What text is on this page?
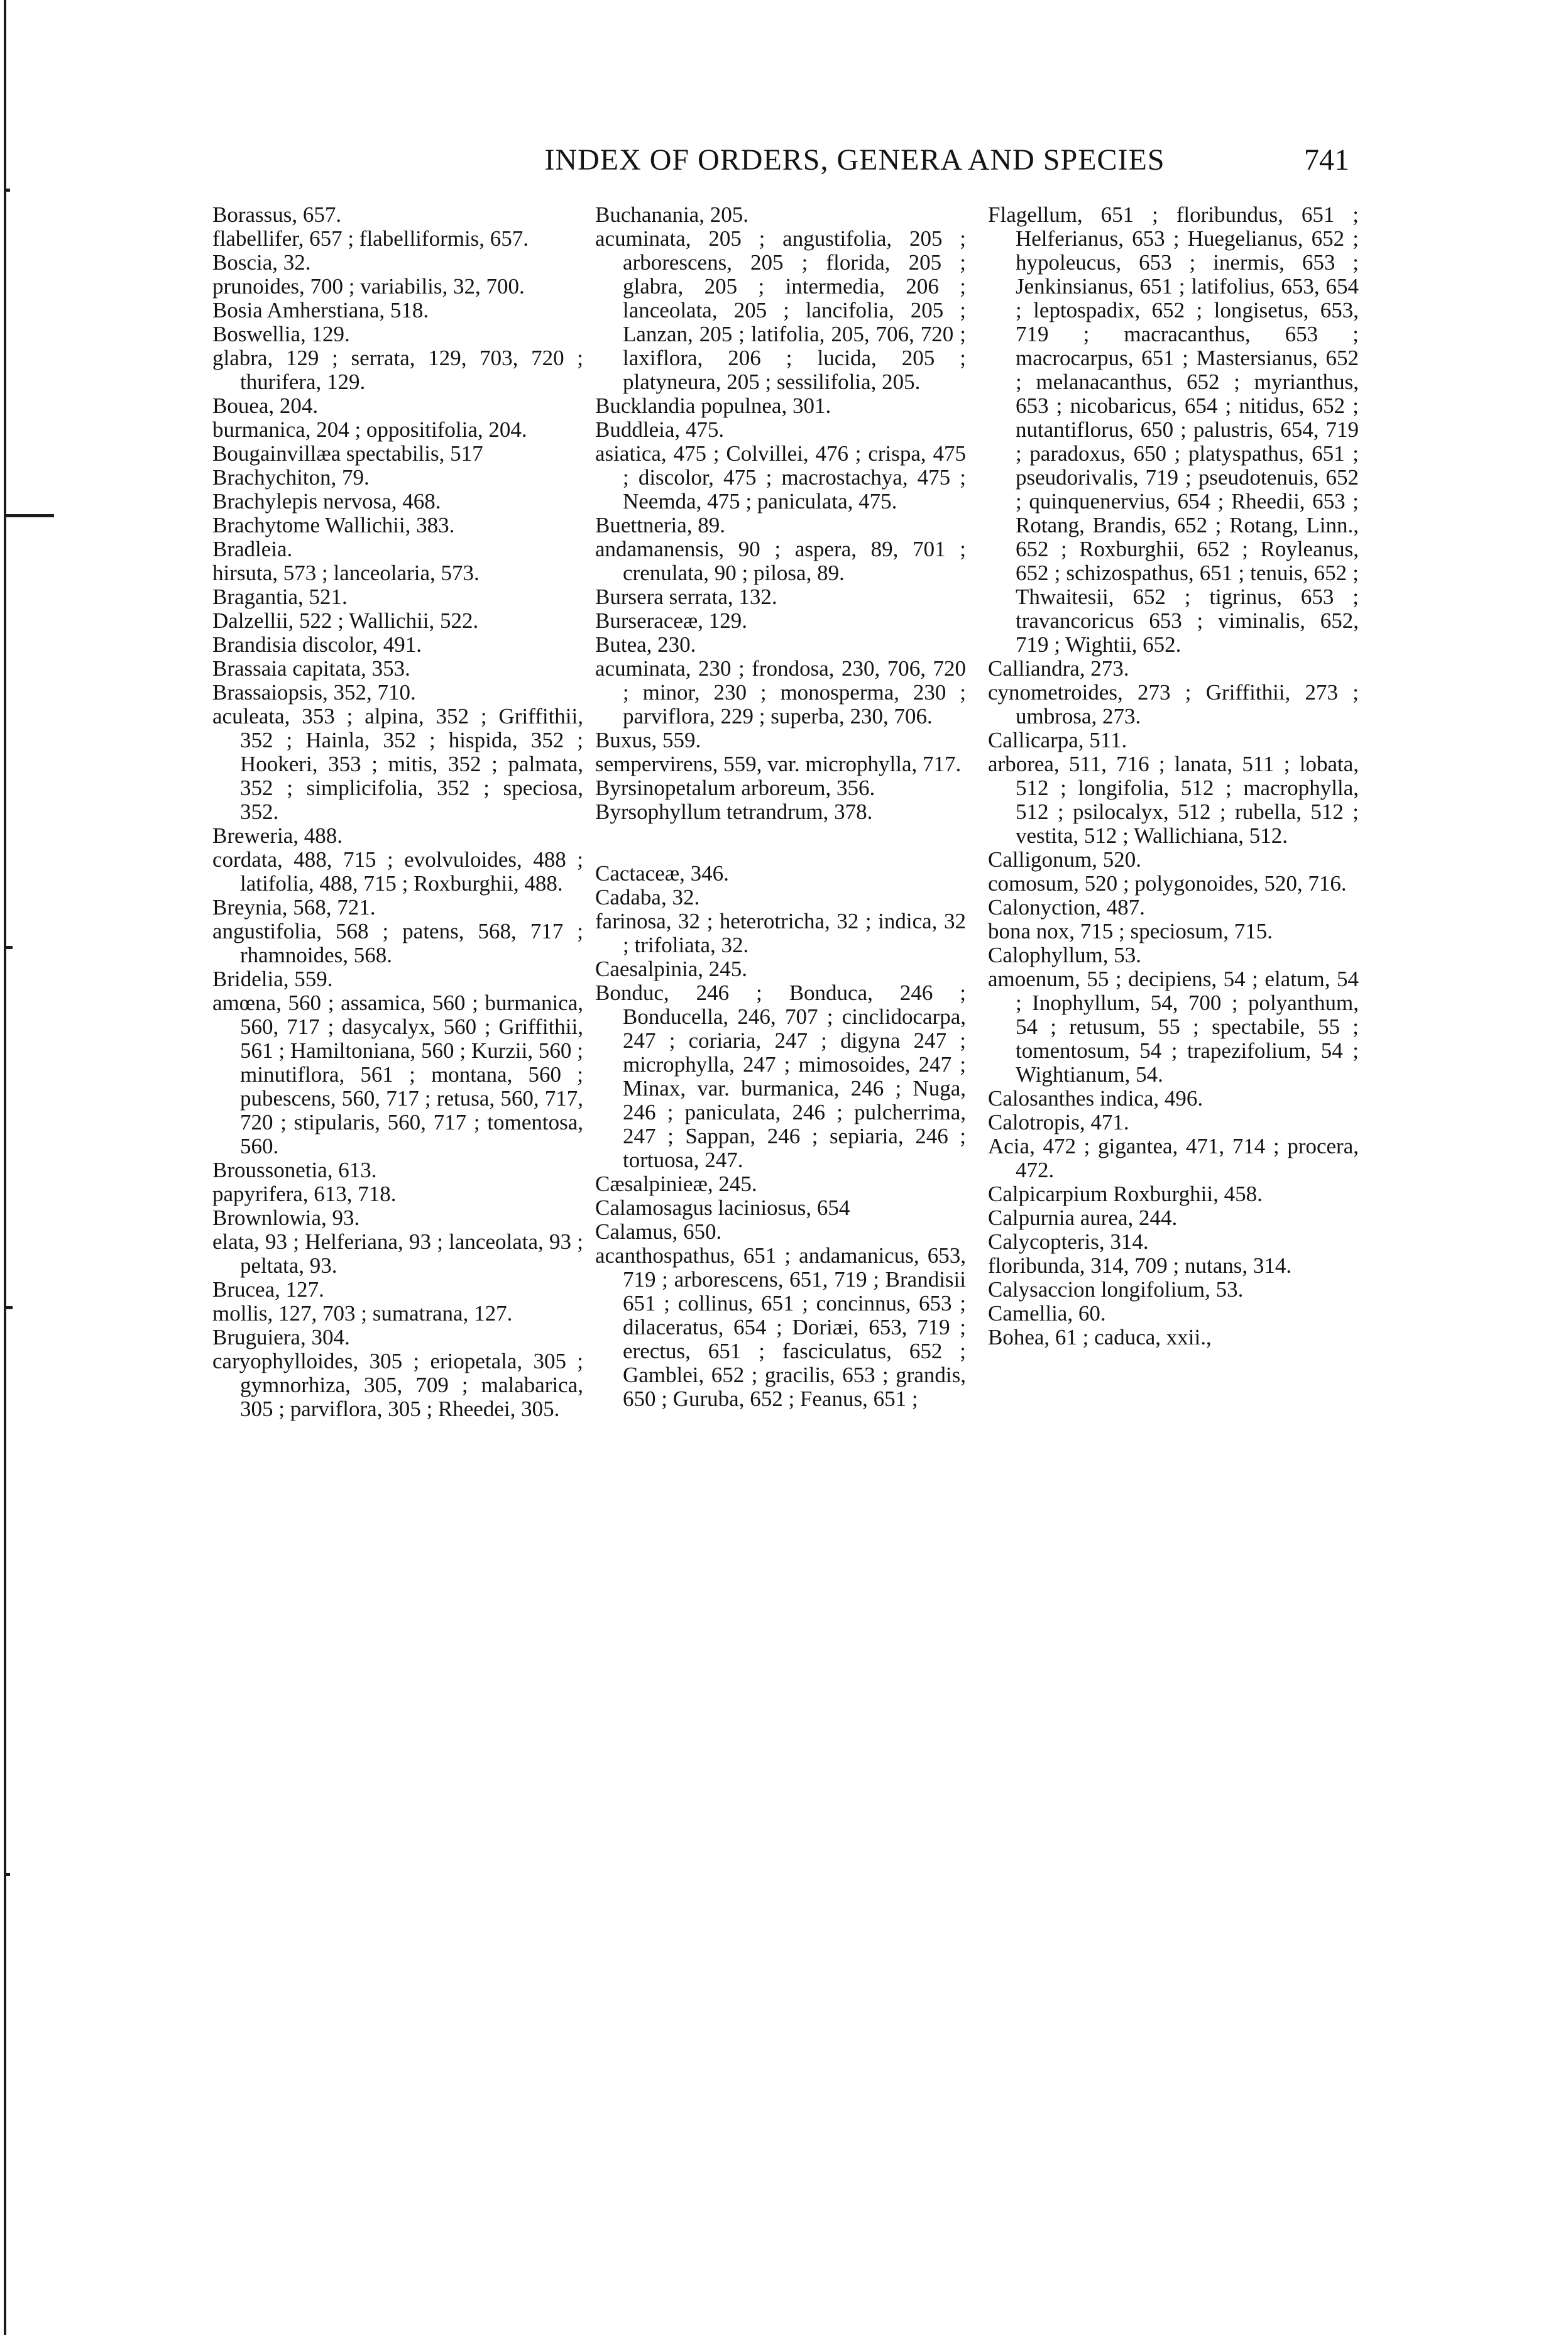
INDEX OF ORDERS, GENERA AND SPECIES	741
Borassus, 657.
flabellifer, 657 ; flabelliformis, 657.
Boscia, 32.
prunoides, 700 ; variabilis, 32, 700.
Bosia Amherstiana, 518.
Boswellia, 129.
glabra, 129 ; serrata, 129, 703, 720 ; thurifera, 129.
Bouea, 204.
burmanica, 204 ; oppositifolia, 204.
Bougainvillæa spectabilis, 517
Brachychiton, 79.
Brachylepis nervosa, 468.
Brachytome Wallichii, 383.
Bradleia.
hirsuta, 573 ; lanceolaria, 573.
Bragantia, 521.
Dalzellii, 522 ; Wallichii, 522.
Brandisia discolor, 491.
Brassaia capitata, 353.
Brassaiopsis, 352, 710.
aculeata, 353 ; alpina, 352 ; Griffithii, 352 ; Hainla, 352 ; hispida, 352 ; Hookeri, 353 ; mitis, 352 ; palmata, 352 ; simplicifolia, 352 ; speciosa, 352.
Breweria, 488.
cordata, 488, 715 ; evolvuloides, 488 ; latifolia, 488, 715 ; Roxburghii, 488.
Breynia, 568, 721.
angustifolia, 568 ; patens, 568, 717 ; rhamnoides, 568.
Bridelia, 559.
amœna, 560 ; assamica, 560 ; burmanica, 560, 717 ; dasycalyx, 560 ; Griffithii, 561 ; Hamiltoniana, 560 ; Kurzii, 560 ; minutiflora, 561 ; montana, 560 ; pubescens, 560, 717 ; retusa, 560, 717, 720 ; stipularis, 560, 717 ; tomentosa, 560.
Broussonetia, 613.
papyrifera, 613, 718.
Brownlowia, 93.
elata, 93 ; Helferiana, 93 ; lanceolata, 93 ; peltata, 93.
Brucea, 127.
mollis, 127, 703 ; sumatrana, 127.
Bruguiera, 304.
caryophylloides, 305 ; eriopetala, 305 ; gymnorhiza, 305, 709 ; malabarica, 305 ; parviflora, 305 ; Rheedei, 305.
Buchanania, 205.
acuminata, 205 ; angustifolia, 205 ; arborescens, 205 ; florida, 205 ; glabra, 205 ; intermedia, 206 ; lanceolata, 205 ; lancifolia, 205 ; Lanzan, 205 ; latifolia, 205, 706, 720 ; laxiflora, 206 ; lucida, 205 ; platyneura, 205 ; sessilifolia, 205.
Bucklandia populnea, 301.
Buddleia, 475.
asiatica, 475 ; Colvillei, 476 ; crispa, 475 ; discolor, 475 ; macrostachya, 475 ; Neemda, 475 ; paniculata, 475.
Buettneria, 89.
andamanensis, 90 ; aspera, 89, 701 ; crenulata, 90 ; pilosa, 89.
Bursera serrata, 132.
Burseraceæ, 129.
Butea, 230.
acuminata, 230 ; frondosa, 230, 706, 720 ; minor, 230 ; monosperma, 230 ; parviflora, 229 ; superba, 230, 706.
Buxus, 559.
sempervirens, 559, var. microphylla, 717.
Byrsinopetalum arboreum, 356.
Byrsophyllum tetrandrum, 378.
Cactaceæ, 346.
Cadaba, 32.
farinosa, 32 ; heterotricha, 32 ; indica, 32 ; trifoliata, 32.
Caesalpinia, 245.
Bonduc, 246 ; Bonduca, 246 ; Bonducella, 246, 707 ; cinclidocarpa, 247 ; coriaria, 247 ; digyna 247 ; microphylla, 247 ; mimosoides, 247 ; Minax, var. burmanica, 246 ; Nuga, 246 ; paniculata, 246 ; pulcherrima, 247 ; Sappan, 246 ; sepiaria, 246 ; tortuosa, 247.
Cæsalpinieæ, 245.
Calamosagus laciniosus, 654
Calamus, 650.
acanthospathus, 651 ; andamanicus, 653, 719 ; arborescens, 651, 719 ; Brandisii 651 ; collinus, 651 ; concinnus, 653 ; dilaceratus, 654 ; Doriæi, 653, 719 ; erectus, 651 ; fasciculatus, 652 ; Gamblei, 652 ; gracilis, 653 ; grandis, 650 ; Guruba, 652 ; Feanus, 651 ;
Flagellum, 651 ; floribundus, 651 ; Helferianus, 653 ; Huegelianus, 652 ; hypoleucus, 653 ; inermis, 653 ; Jenkinsianus, 651 ; latifolius, 653, 654 ; leptospadix, 652 ; longisetus, 653, 719 ; macracanthus, 653 ; macrocarpus, 651 ; Mastersianus, 652 ; melanacanthus, 652 ; myrianthus, 653 ; nicobaricus, 654 ; nitidus, 652 ; nutantiflorus, 650 ; palustris, 654, 719 ; paradoxus, 650 ; platyspathus, 651 ; pseudorivalis, 719 ; pseudotenuis, 652 ; quinquenervius, 654 ; Rheedii, 653 ; Rotang, Brandis, 652 ; Rotang, Linn., 652 ; Roxburghii, 652 ; Royleanus, 652 ; schizospathus, 651 ; tenuis, 652 ; Thwaitesii, 652 ; tigrinus, 653 ; travancoricus 653 ; viminalis, 652, 719 ; Wightii, 652.
Calliandra, 273.
cynometroides, 273 ; Griffithii, 273 ; umbrosa, 273.
Callicarpa, 511.
arborea, 511, 716 ; lanata, 511 ; lobata, 512 ; longifolia, 512 ; macrophylla, 512 ; psilocalyx, 512 ; rubella, 512 ; vestita, 512 ; Wallichiana, 512.
Calligonum, 520.
comosum, 520 ; polygonoides, 520, 716.
Calonyction, 487.
bona nox, 715 ; speciosum, 715.
Calophyllum, 53.
amoenum, 55 ; decipiens, 54 ; elatum, 54 ; Inophyllum, 54, 700 ; polyanthum, 54 ; retusum, 55 ; spectabile, 55 ; tomentosum, 54 ; trapezifolium, 54 ; Wightianum, 54.
Calosanthes indica, 496.
Calotropis, 471.
Acia, 472 ; gigantea, 471, 714 ; procera, 472.
Calpicarpium Roxburghii, 458.
Calpurnia aurea, 244.
Calycopteris, 314.
floribunda, 314, 709 ; nutans, 314.
Calysaccion longifolium, 53.
Camellia, 60.
Bohea, 61 ; caduca, xxii.,
